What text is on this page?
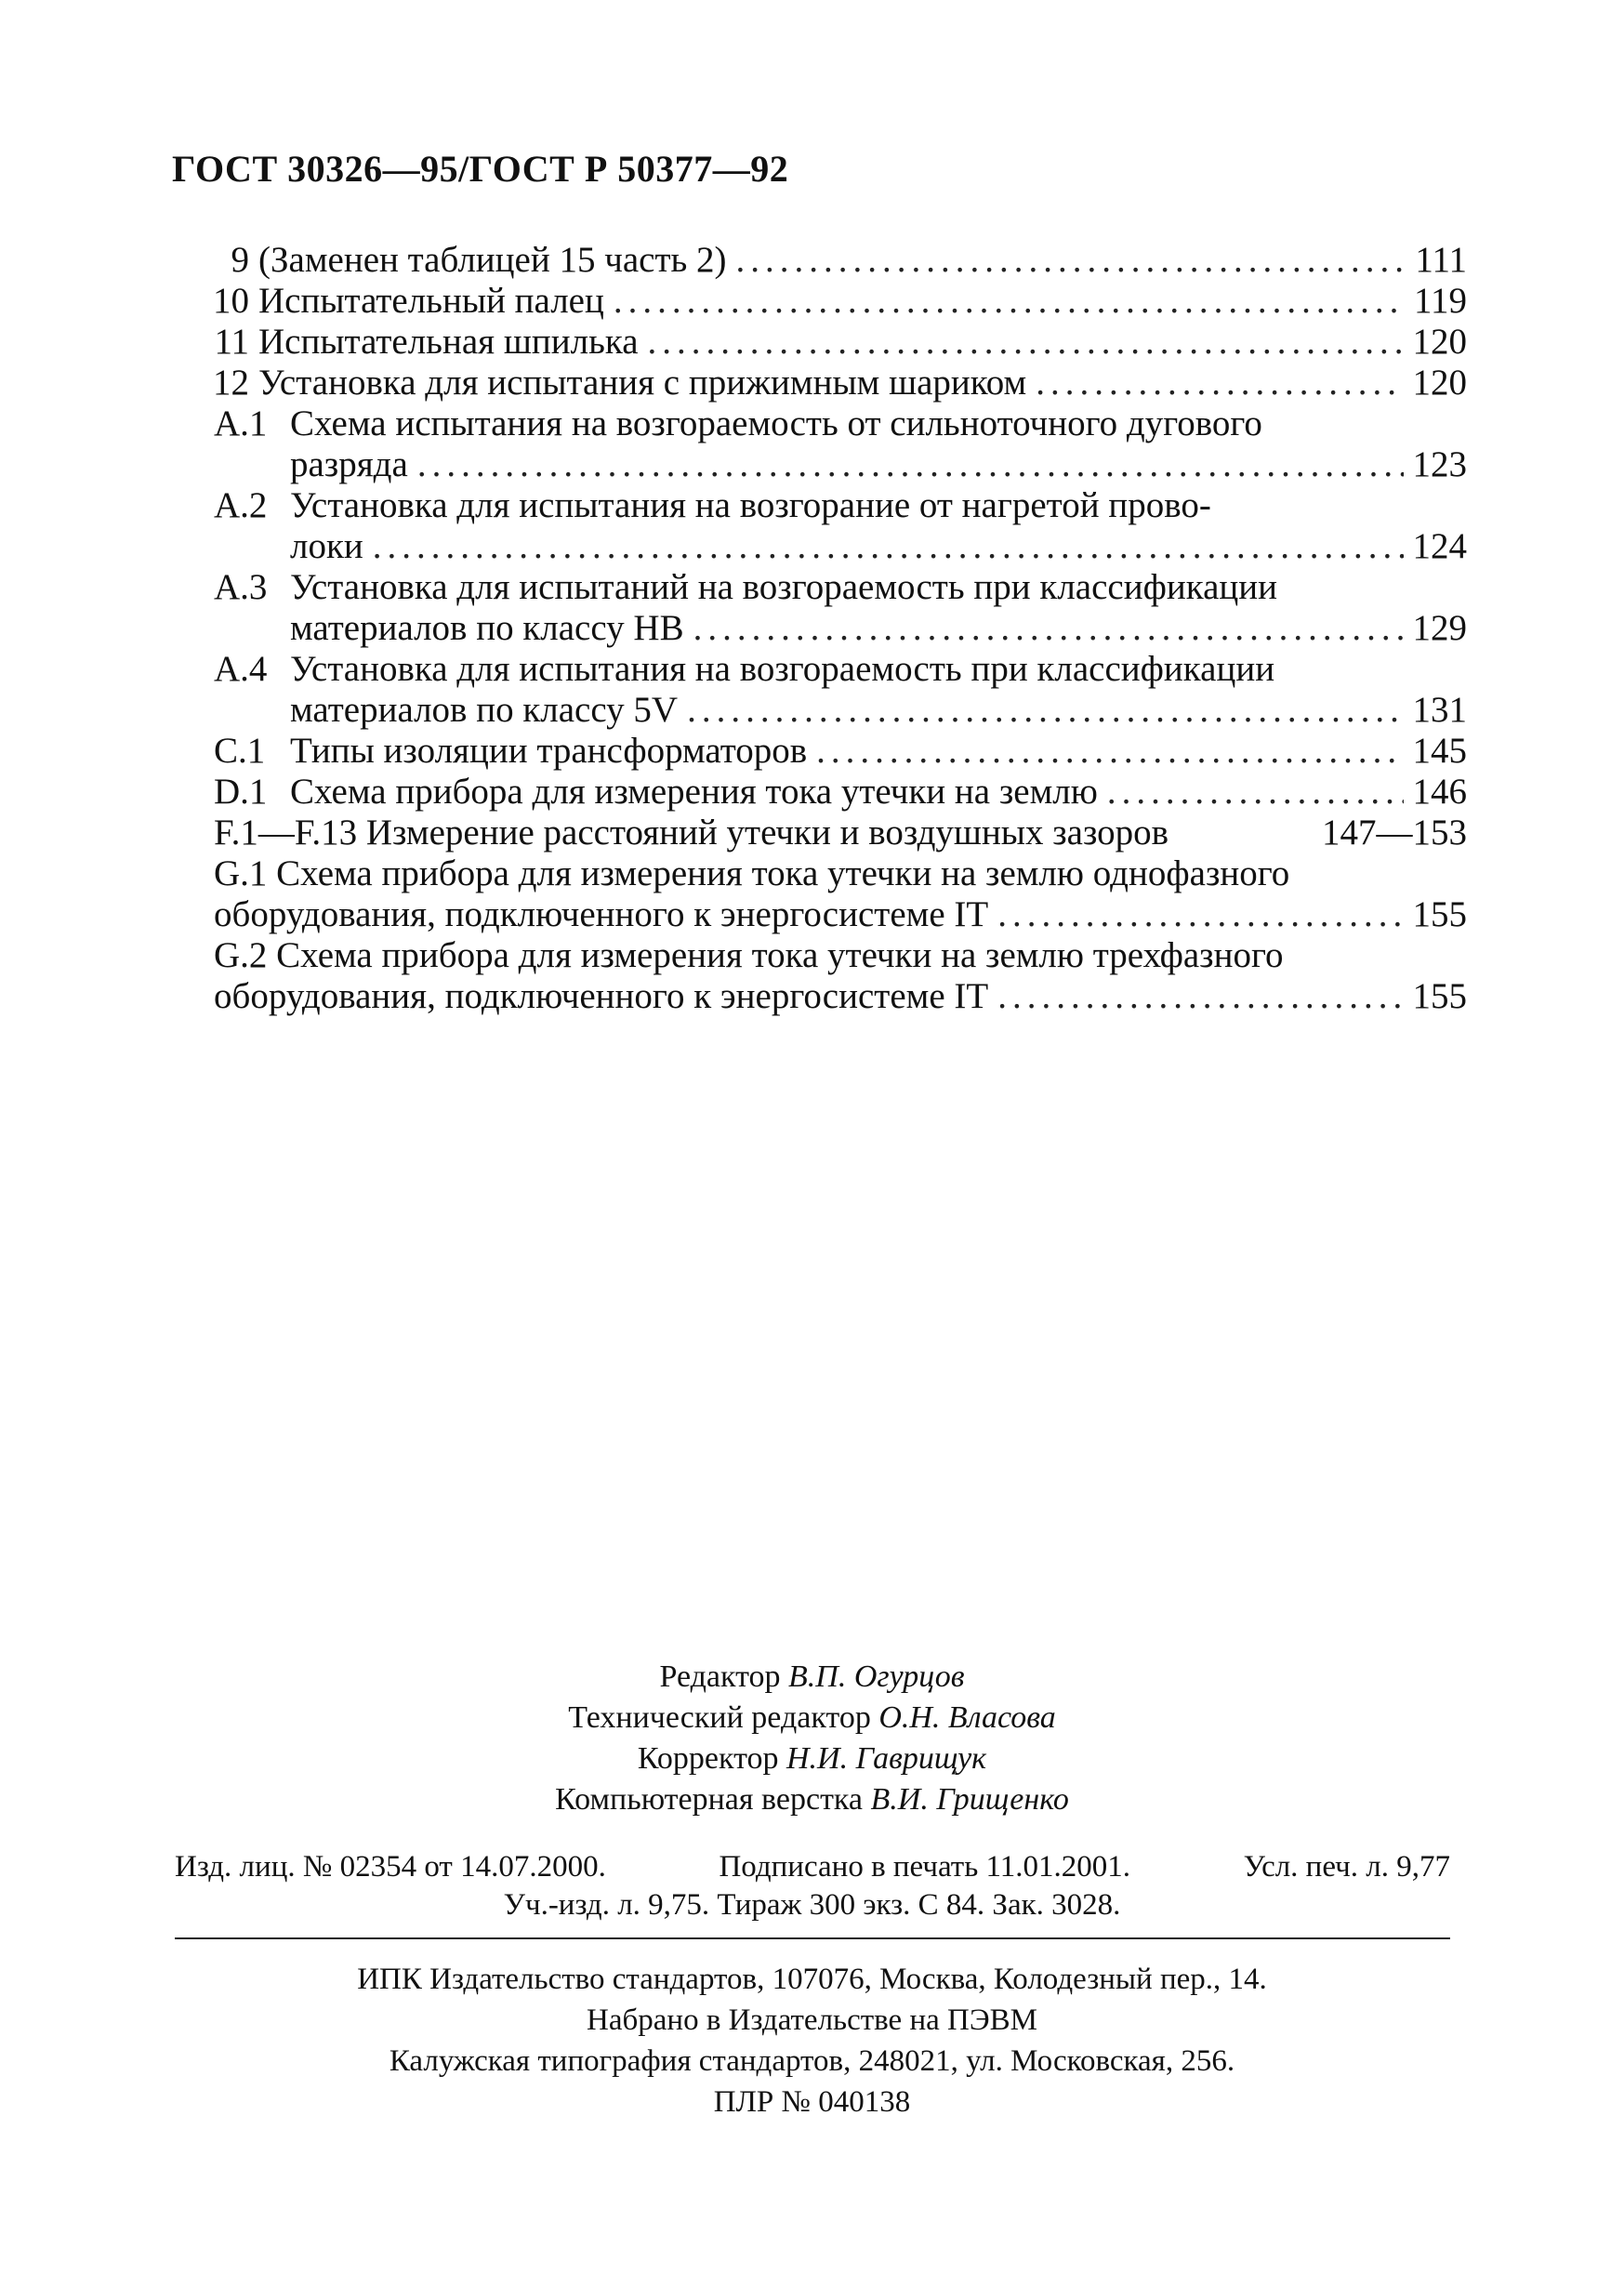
ГОСТ 30326—95/ГОСТ Р 50377—92
9 (Заменен таблицей 15 часть 2) .....	111
10 Испытательный палец .....	119
11 Испытательная шпилька .....	120
12 Установка для испытания с прижимным шариком .....	120
A.1 Схема испытания на возгораемость от сильноточного дугового
разряда .....	123
A.2 Установка для испытания на возгорание от нагретой прово-
локи .....	124
A.3 Установка для испытаний на возгораемость при классификации
материалов по классу НВ .....	129
A.4 Установка для испытания на возгораемость при классификации
материалов по классу 5V .....	131
C.1 Типы изоляции трансформаторов .....	145
D.1 Схема прибора для измерения тока утечки на землю .....	146
F.1—F.13 Измерение расстояний утечки и воздушных зазоров	147—153
G.1 Схема прибора для измерения тока утечки на землю однофазного
оборудования, подключенного к энергосистеме IT .....	155
G.2 Схема прибора для измерения тока утечки на землю трехфазного
оборудования, подключенного к энергосистеме IT .....	155
Редактор В.П. Огурцов
Технический редактор О.Н. Власова
Корректор Н.И. Гаврищук
Компьютерная верстка В.И. Грищенко
Изд. лиц. № 02354 от 14.07.2000.	Подписано в печать 11.01.2001.	Усл. печ. л. 9,77
Уч.-изд. л. 9,75. Тираж 300 экз. С 84. Зак. 3028.
ИПК Издательство стандартов, 107076, Москва, Колодезный пер., 14.
Набрано в Издательстве на ПЭВМ
Калужская типография стандартов, 248021, ул. Московская, 256.
ПЛР № 040138
